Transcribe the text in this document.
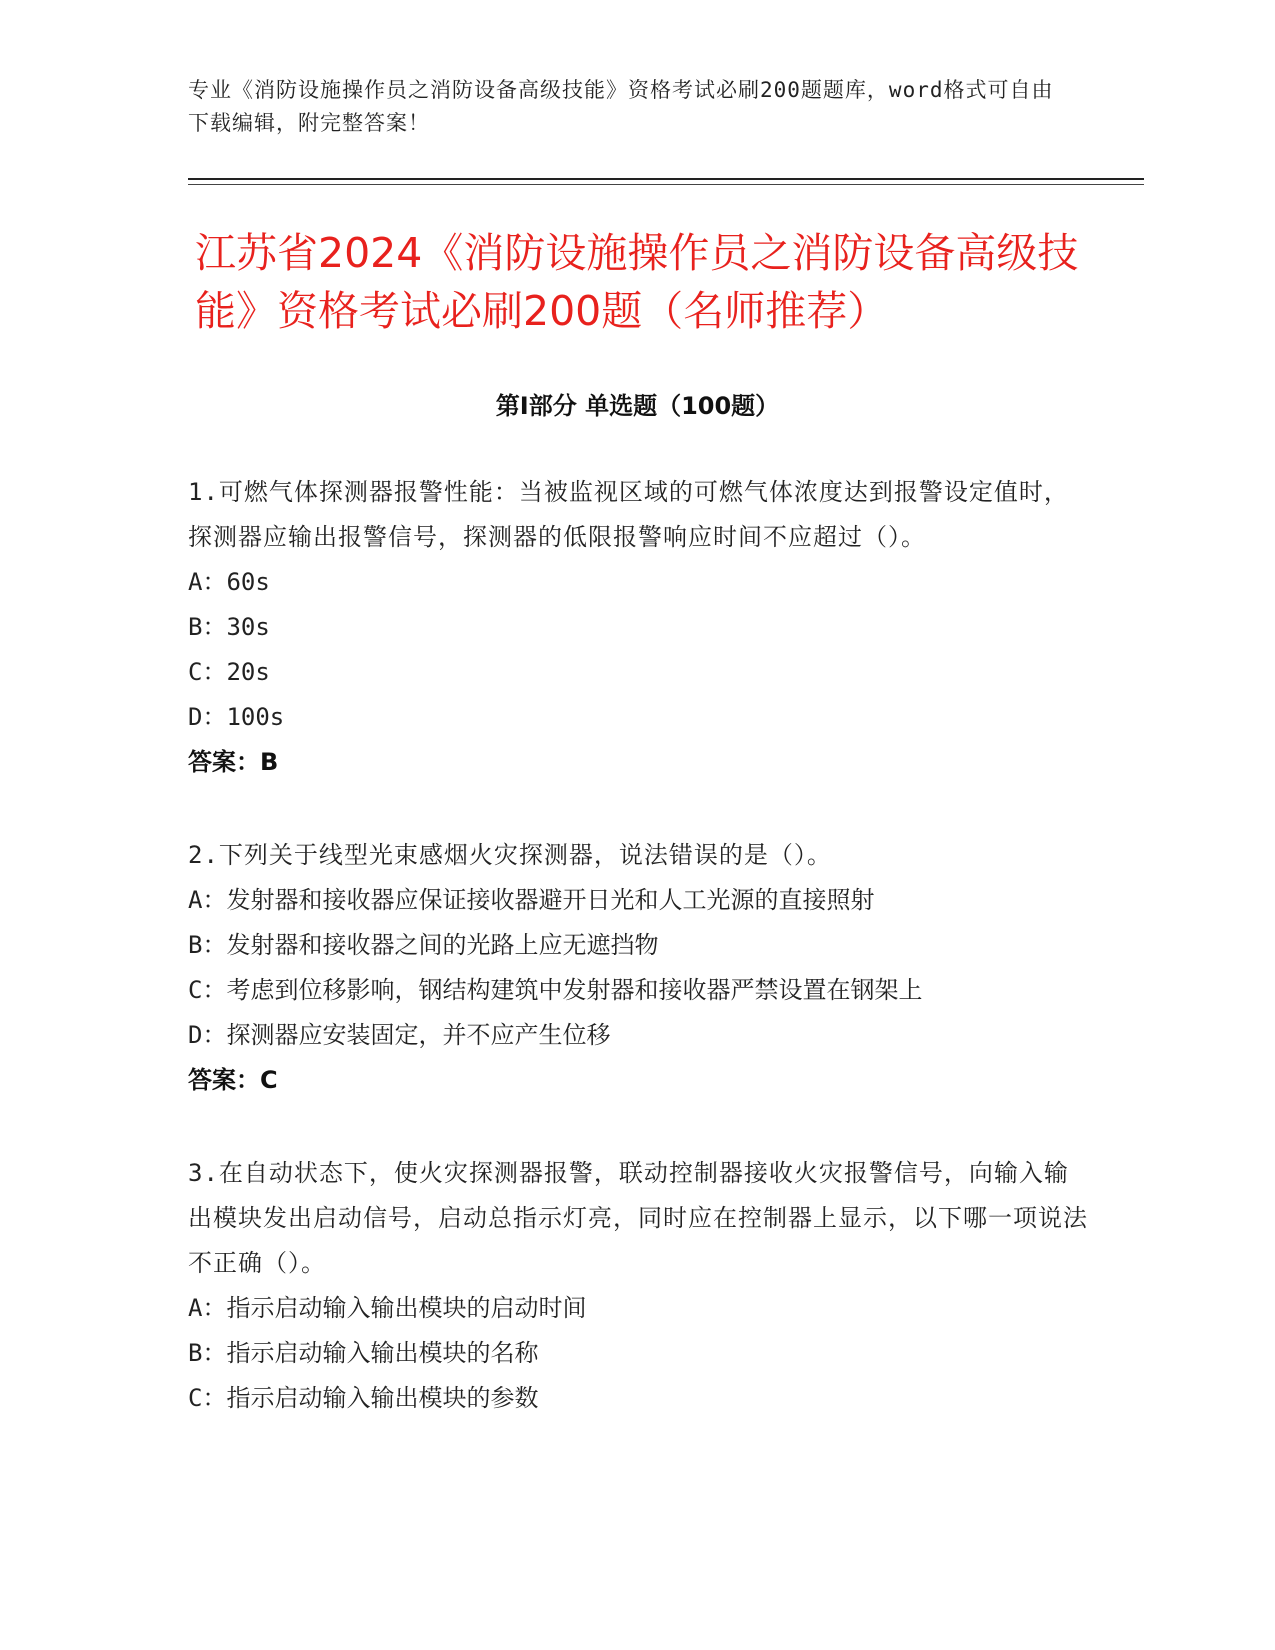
专业《消防设施操作员之消防设备高级技能》资格考试必刷200题题库，word格式可自由下载编辑，附完整答案！
江苏省2024《消防设施操作员之消防设备高级技能》资格考试必刷200题（名师推荐）
第Ⅰ部分 单选题（100题）
1.可燃气体探测器报警性能：当被监视区域的可燃气体浓度达到报警设定值时，探测器应输出报警信号，探测器的低限报警响应时间不应超过（）。
A：60s
B：30s
C：20s
D：100s
答案：B
2.下列关于线型光束感烟火灾探测器，说法错误的是（）。
A：发射器和接收器应保证接收器避开日光和人工光源的直接照射
B：发射器和接收器之间的光路上应无遮挡物
C：考虑到位移影响，钢结构建筑中发射器和接收器严禁设置在钢架上
D：探测器应安装固定，并不应产生位移
答案：C
3.在自动状态下，使火灾探测器报警，联动控制器接收火灾报警信号，向输入输出模块发出启动信号，启动总指示灯亮，同时应在控制器上显示，以下哪一项说法不正确（）。
A：指示启动输入输出模块的启动时间
B：指示启动输入输出模块的名称
C：指示启动输入输出模块的参数
